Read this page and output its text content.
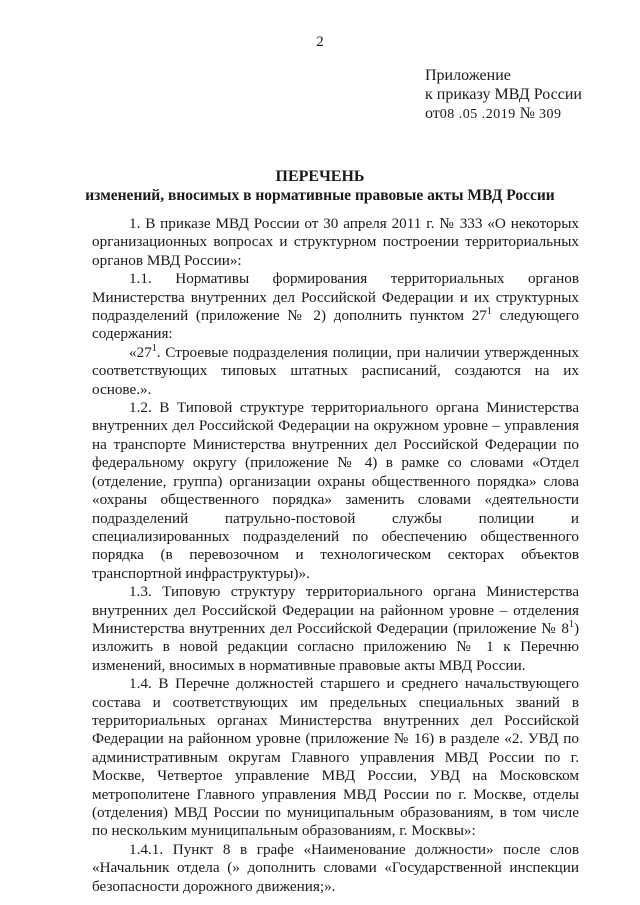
2
Приложение
к приказу МВД России
от08 .05 .2019 № 309
ПЕРЕЧЕНЬ
изменений, вносимых в нормативные правовые акты МВД России

1. В приказе МВД России от 30 апреля 2011 г. № 333 «О некоторых организационных вопросах и структурном построении территориальных органов МВД России»:

1.1. Нормативы формирования территориальных органов Министерства внутренних дел Российской Федерации и их структурных подразделений (приложение № 2) дополнить пунктом $27^1$ следующего содержания:

«$27^1$. Строевые подразделения полиции, при наличии утвержденных соответствующих типовых штатных расписаний, создаются на их основе.».

1.2. В Типовой структуре территориального органа Министерства внутренних дел Российской Федерации на окружном уровне – управления на транспорте Министерства внутренних дел Российской Федерации по федеральному округу (приложение № 4) в рамке со словами «Отдел (отделение, группа) организации охраны общественного порядка» слова «охраны общественного порядка» заменить словами «деятельности подразделений патрульно-постовой службы полиции и специализированных подразделений по обеспечению общественного порядка (в перевозочном и технологическом секторах объектов транспортной инфраструктуры)».

1.3. Типовую структуру территориального органа Министерства внутренних дел Российской Федерации на районном уровне – отделения Министерства внутренних дел Российской Федерации (приложение № $8^1$) изложить в новой редакции согласно приложению № 1 к Перечню изменений, вносимых в нормативные правовые акты МВД России.

1.4. В Перечне должностей старшего и среднего начальствующего состава и соответствующих им предельных специальных званий в территориальных органах Министерства внутренних дел Российской Федерации на районном уровне (приложение № 16) в разделе «2. УВД по административным округам Главного управления МВД России по г. Москве, Четвертое управление МВД России, УВД на Московском метрополитене Главного управления МВД России по г. Москве, отделы (отделения) МВД России по муниципальным образованиям, в том числе по нескольким муниципальным образованиям, г. Москвы»:

1.4.1. Пункт 8 в графе «Наименование должности» после слов «Начальник отдела (» дополнить словами «Государственной инспекции безопасности дорожного движения;».
